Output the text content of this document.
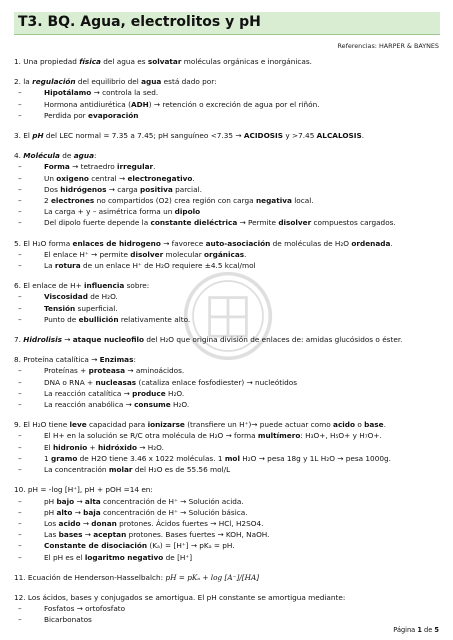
T3. BQ. Agua, electrolitos y pH
Referencias: HARPER & BAYNES

1. Una propiedad física del agua es solvatar moléculas orgánicas e inorgánicas.

2. la regulación del equilibrio del agua está dado por:

– Hipotálamo → controla la sed.

– Hormona antidiurética (ADH) → retención o excreción de agua por el riñón.

– Perdida por evaporación

3. El pH del LEC normal = 7.35 a 7.45; pH sanguíneo <7.35 → ACIDOSIS y >7.45 ALCALOSIS.

4. Molécula de agua:

– Forma → tetraedro irregular.

– Un oxigeno central → electronegativo.

– Dos hidrógenos → carga positiva parcial.

– 2 electrones no compartidos (O2) crea región con carga negativa local.

– La carga + y – asimétrica forma un dipolo

– Del dipolo fuerte depende la constante dieléctrica → Permite disolver compuestos cargados.

5. El H₂O forma enlaces de hidrogeno → favorece auto-asociación de moléculas de H₂O ordenada.

– El enlace H⁺ → permite disolver molecular orgánicas.

– La rotura de un enlace H⁺ de H₂O requiere ±4.5 kcal/mol

6. El enlace de H+ influencia sobre:

– Viscosidad de H₂O.

– Tensión superficial.

– Punto de ebullición relativamente alto.

7. Hidrolisis → ataque nucleofilo del H₂O que origina división de enlaces de: amidas glucósidos o éster.

8. Proteína catalítica → Enzimas:

– Proteínas + proteasa → aminoácidos.

– DNA o RNA + nucleasas (cataliza enlace fosfodiester) → nucleótidos

– La reacción catalítica → produce H₂O.

– La reacción anabólica → consume H₂O.

9. El H₂O tiene leve capacidad para ionizarse (transfiere un H⁺)→ puede actuar como acido o base.

– El H+ en la solución se R/C otra molécula de H₂O → forma multímero: H₃O+, H₅O+ y H₇O+.

– El hidronio + hidróxido → H₂O.

– 1 gramo de H2O tiene 3.46 x 1022 moléculas. 1 mol H₂O → pesa 18g y 1L H₂O → pesa 1000g.

– La concentración molar del H₂O es de 55.56 mol/L

10. pH = -log [H⁺], pH + pOH =14 en:

– pH bajo → alta concentración de H⁺ → Solución acida.

– pH alto → baja concentración de H⁺ → Solución básica.

– Los acido → donan protones. Ácidos fuertes → HCl, H2SO4.

– Las bases → aceptan protones. Bases fuertes → KOH, NaOH.

– Constante de disociación (Kₐ) = [H⁺] → pKₐ = pH.

– El pH es el logaritmo negativo de [H⁺]

11. Ecuación de Henderson-Hasselbalch: pH = pKₐ + log [A⁻]/[HA]

12. Los ácidos, bases y conjugados se amortigua. El pH constante se amortigua mediante:

– Fosfatos → ortofosfato

– Bicarbonatos

Página 1 de 5
